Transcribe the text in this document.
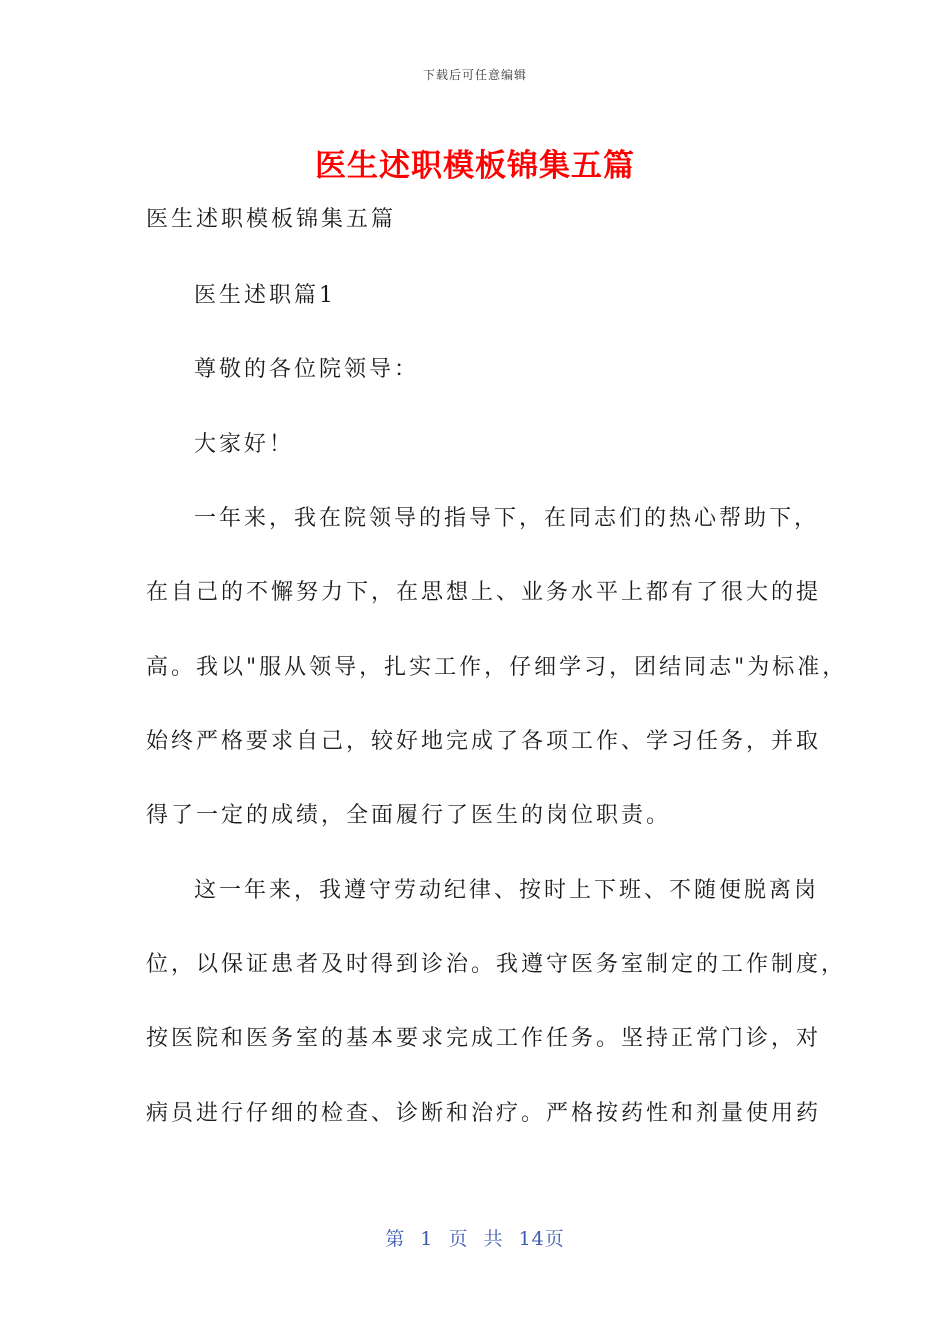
下载后可任意编辑
医生述职模板锦集五篇
医生述职模板锦集五篇
医生述职篇1
尊敬的各位院领导：
大家好！
一年来，我在院领导的指导下，在同志们的热心帮助下，
在自己的不懈努力下，在思想上、业务水平上都有了很大的提
高。我以"服从领导，扎实工作，仔细学习，团结同志"为标准，
始终严格要求自己，较好地完成了各项工作、学习任务，并取
得了一定的成绩，全面履行了医生的岗位职责。
这一年来，我遵守劳动纪律、按时上下班、不随便脱离岗
位，以保证患者及时得到诊治。我遵守医务室制定的工作制度，
按医院和医务室的基本要求完成工作任务。坚持正常门诊，对
病员进行仔细的检查、诊断和治疗。严格按药性和剂量使用药
第 1 页 共 14页
